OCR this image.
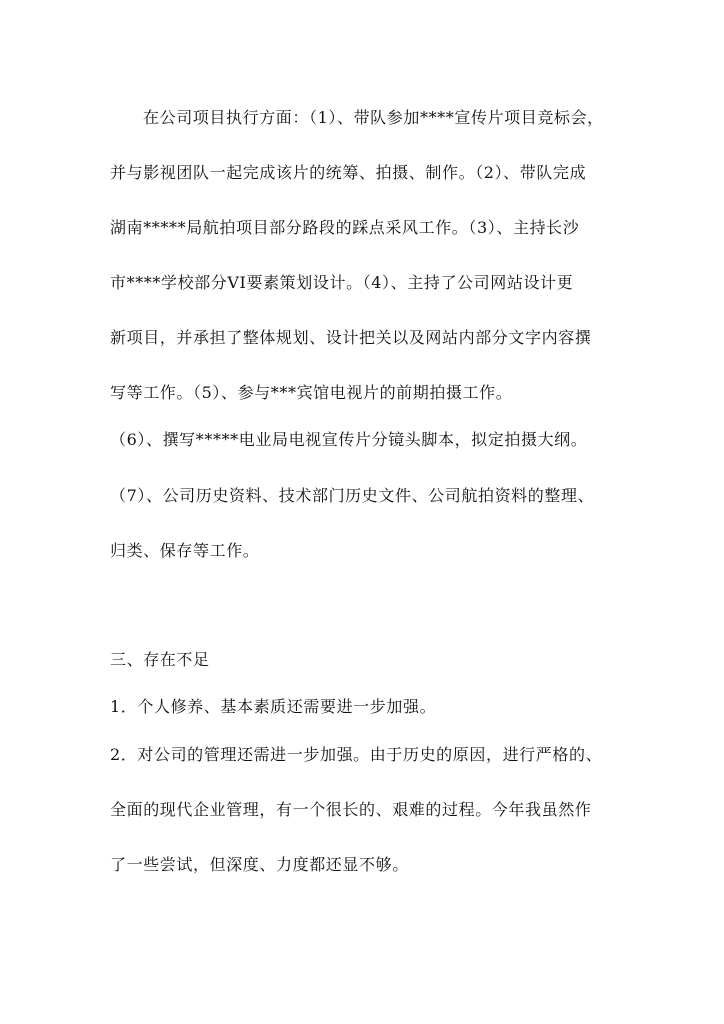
在公司项目执行方面：（1）、带队参加****宣传片项目竞标会，
并与影视团队一起完成该片的统筹、拍摄、制作。（2）、带队完成
湖南*****局航拍项目部分路段的踩点采风工作。（3）、主持长沙
市****学校部分VI要素策划设计。（4）、主持了公司网站设计更
新项目，并承担了整体规划、设计把关以及网站内部分文字内容撰
写等工作。（5）、参与***宾馆电视片的前期拍摄工作。
（6）、撰写*****电业局电视宣传片分镜头脚本，拟定拍摄大纲。
（7）、公司历史资料、技术部门历史文件、公司航拍资料的整理、
归类、保存等工作。
三、存在不足
1．个人修养、基本素质还需要进一步加强。
2．对公司的管理还需进一步加强。由于历史的原因，进行严格的、
全面的现代企业管理，有一个很长的、艰难的过程。今年我虽然作
了一些尝试，但深度、力度都还显不够。
